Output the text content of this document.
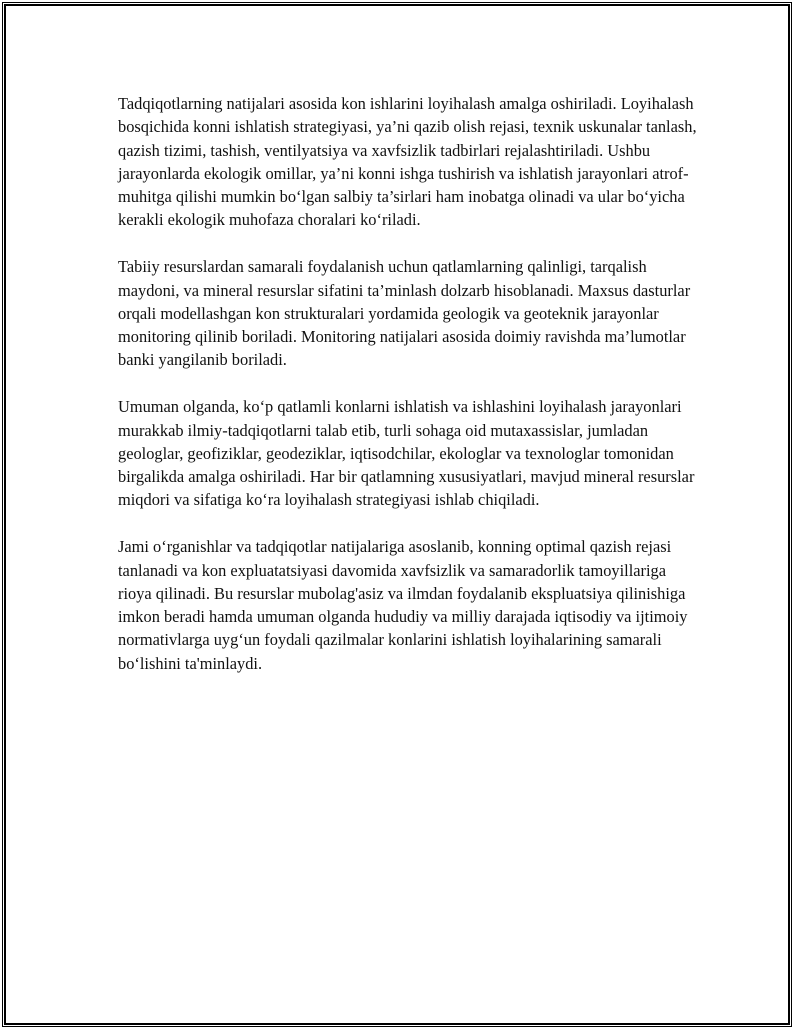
Tadqiqotlarning natijalari asosida kon ishlarini loyihalash amalga oshiriladi. Loyihalash bosqichida konni ishlatish strategiyasi, ya’ni qazib olish rejasi, texnik uskunalar tanlash, qazish tizimi, tashish, ventilyatsiya va xavfsizlik tadbirlari rejalashtiriladi. Ushbu jarayonlarda ekologik omillar, ya’ni konni ishga tushirish va ishlatish jarayonlari atrof-muhitga qilishi mumkin bo‘lgan salbiy ta’sirlari ham inobatga olinadi va ular bo‘yicha kerakli ekologik muhofaza choralari ko‘riladi.

Tabiiy resurslardan samarali foydalanish uchun qatlamlarning qalinligi, tarqalish maydoni, va mineral resurslar sifatini ta’minlash dolzarb hisoblanadi. Maxsus dasturlar orqali modellashgan kon strukturalari yordamida geologik va geoteknik jarayonlar monitoring qilinib boriladi. Monitoring natijalari asosida doimiy ravishda ma’lumotlar banki yangilanib boriladi.

Umuman olganda, ko‘p qatlamli konlarni ishlatish va ishlashini loyihalash jarayonlari murakkab ilmiy-tadqiqotlarni talab etib, turli sohaga oid mutaxassislar, jumladan geologlar, geofiziklar, geodeziklar, iqtisodchilar, ekologlar va texnologlar tomonidan birgalikda amalga oshiriladi. Har bir qatlamning xususiyatlari, mavjud mineral resurslar miqdori va sifatiga ko‘ra loyihalash strategiyasi ishlab chiqiladi.

Jami o‘rganishlar va tadqiqotlar natijalariga asoslanib, konning optimal qazish rejasi tanlanadi va kon expluatatsiyasi davomida xavfsizlik va samaradorlik tamoyillariga rioya qilinadi. Bu resurslar mubolag'asiz va ilmdan foydalanib ekspluatsiya qilinishiga imkon beradi hamda umuman olganda hududiy va milliy darajada iqtisodiy va ijtimoiy normativlarga uyg‘un foydali qazilmalar konlarini ishlatish loyihalarining samarali bo‘lishini ta'minlaydi.
